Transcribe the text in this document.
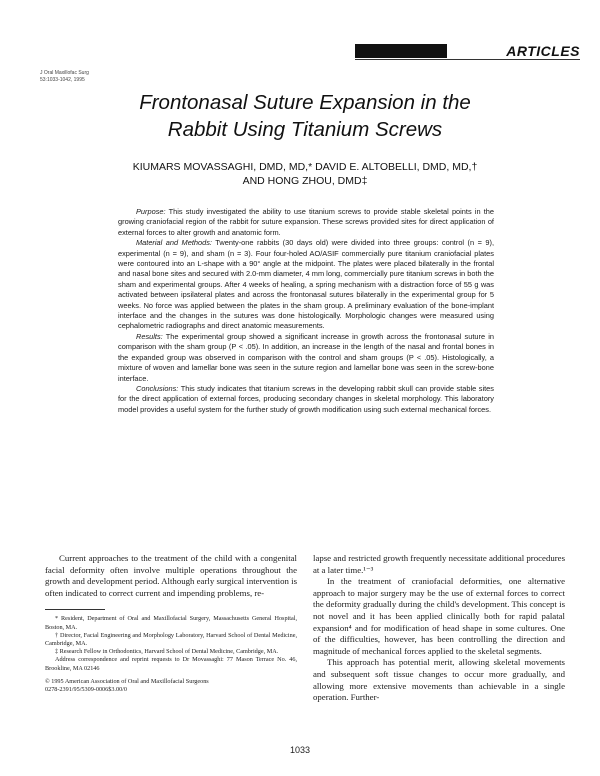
ARTICLES
J Oral Maxillofac Surg
53:1033-1042, 1995
Frontonasal Suture Expansion in the
Rabbit Using Titanium Screws
KIUMARS MOVASSAGHI, DMD, MD,* DAVID E. ALTOBELLI, DMD, MD,†
AND HONG ZHOU, DMD‡

Purpose: This study investigated the ability to use titanium screws to provide stable skeletal points in the growing craniofacial region of the rabbit for suture expansion. These screws provided sites for direct application of external forces to alter growth and anatomic form.

Material and Methods: Twenty-one rabbits (30 days old) were divided into three groups: control (n = 9), experimental (n = 9), and sham (n = 3). Four four-holed AO/ASIF commercially pure titanium craniofacial plates were contoured into an L-shape with a 90° angle at the midpoint. The plates were placed bilaterally in the frontal and nasal bone sites and secured with 2.0-mm diameter, 4 mm long, commercially pure titanium screws in both the sham and experimental groups. After 4 weeks of healing, a spring mechanism with a distraction force of 55 g was activated between ipsilateral plates and across the frontonasal sutures bilaterally in the experimental group for 5 weeks. No force was applied between the plates in the sham group. A preliminary evaluation of the bone-implant interface and the changes in the sutures was done histologically. Morphologic changes were measured using cephalometric radiographs and direct anatomic measurements.

Results: The experimental group showed a significant increase in growth across the frontonasal suture in comparison with the sham group (P < .05). In addition, an increase in the length of the nasal and frontal bones in the expanded group was observed in comparison with the control and sham groups (P < .05). Histologically, a mixture of woven and lamellar bone was seen in the suture region and lamellar bone was seen in the screw-bone interface.

Conclusions: This study indicates that titanium screws in the developing rabbit skull can provide stable sites for the direct application of external forces, producing secondary changes in skeletal morphology. This laboratory model provides a useful system for the further study of growth modification using such external mechanical forces.

Current approaches to the treatment of the child with a congenital facial deformity often involve multiple operations throughout the growth and development period. Although early surgical intervention is often indicated to correct current and impending problems, re-

* Resident, Department of Oral and Maxillofacial Surgery, Massachusetts General Hospital, Boston, MA.

† Director, Facial Engineering and Morphology Laboratory, Harvard School of Dental Medicine, Cambridge, MA.

‡ Research Fellow in Orthodontics, Harvard School of Dental Medicine, Cambridge, MA.

Address correspondence and reprint requests to Dr Movassaghi: 77 Mason Terrace No. 46, Brookline, MA 02146

© 1995 American Association of Oral and Maxillofacial Surgeons
0278-2391/95/5309-0006$3.00/0

lapse and restricted growth frequently necessitate additional procedures at a later time.¹⁻³

In the treatment of craniofacial deformities, one alternative approach to major surgery may be the use of external forces to correct the deformity gradually during the child's development. This concept is not novel and it has been applied clinically both for rapid palatal expansion⁴ and for modification of head shape in some cultures. One of the difficulties, however, has been controlling the direction and magnitude of mechanical forces applied to the skeletal segments.

This approach has potential merit, allowing skeletal movements and subsequent soft tissue changes to occur more gradually, and allowing more extensive movements than achievable in a single operation. Further-

1033
